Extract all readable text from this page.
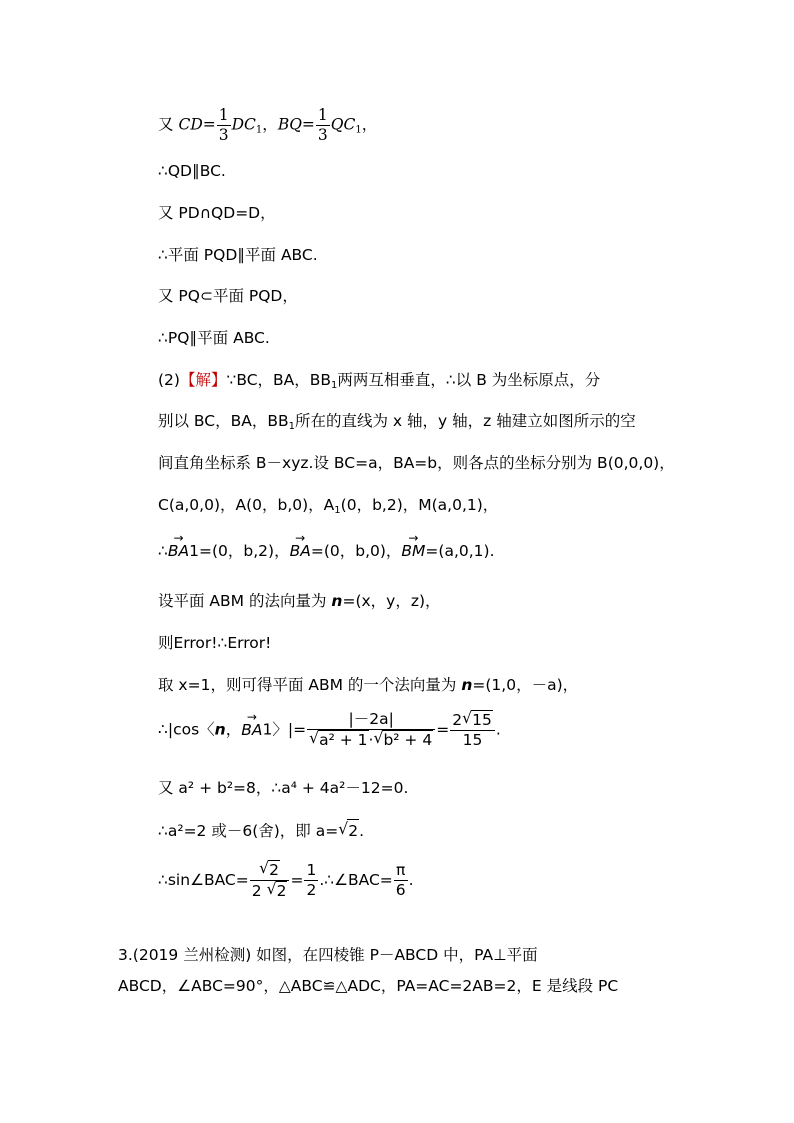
又 $CD= \frac{1}{3} DC_1$，$BQ= \frac{1}{3} QC_1$，
∴QD∥BC.
又 PD∩QD=D，
∴平面 PQD∥平面 ABC.
又 PQ⊂平面 PQD，
∴PQ∥平面 ABC.
(2)【解】∵BC，BA，$BB_1$两两互相垂直，∴以 B 为坐标原点，分
别以 BC，BA，$BB_1$所在的直线为 x 轴，y 轴，z 轴建立如图所示的空
间直角坐标系 B－xyz.设 BC=a，BA=b，则各点的坐标分别为 B(0,0,0)，
C(a,0,0)，A(0，b,0)，$A_1(0$，b,2)，M(a,0,1)，
∴→ BA1=(0，b,2)，→ BA=(0，b,0)，→ BM=(a,0,1).
设平面 ABM 的法向量为 n=(x，y，z)，
则Error!∴Error!
取 x=1，则可得平面 ABM 的一个法向量为 n=(1,0，－a)，
∴|cos〈n，→ BA1〉|= |－2a|
√ a² + 1· √ $b^2 + 4 = \frac{2 √ 15}{15}$ .
又 a² + b²=8，∴a⁴ + 4a²－12=0.
∴a²=2 或－6(舍)，即 a= √ 2.
∴sin∠BAC= √ $\frac{2}{2 √ 2} = \frac{1}{2}$ .∴∠BAC= $\frac{\pi}{6}$ .
3.(2019 兰州检测) 如图，在四棱锥 P－ABCD 中，PA⊥平面
ABCD，∠ABC=90°，△ABC≌△ADC，PA=AC=2AB=2，E 是线段 PC
